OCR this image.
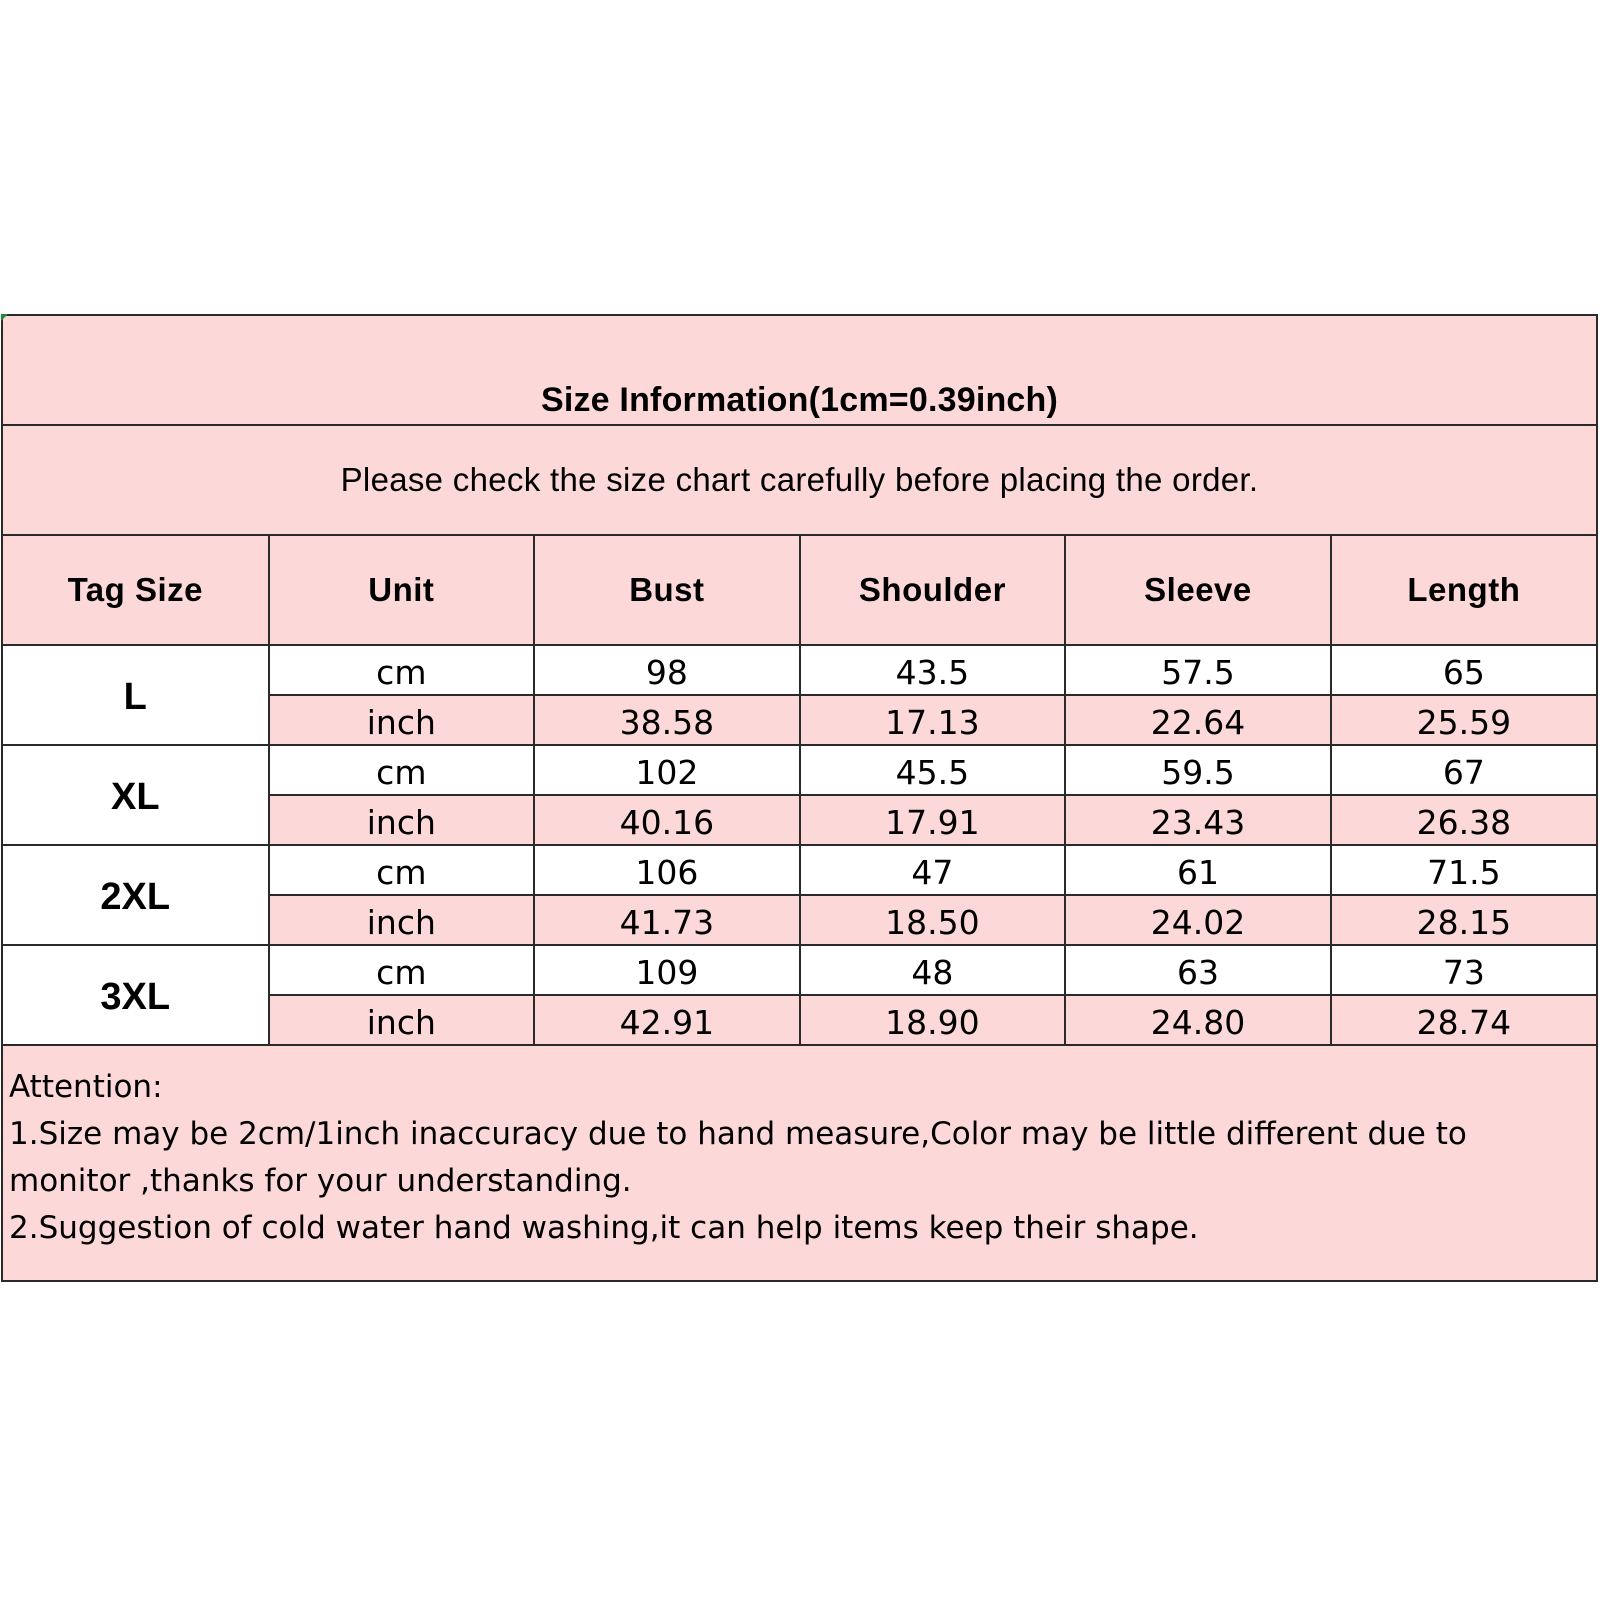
Size Information(1cm=0.39inch)
Please check the size chart carefully before placing the order.
Tag Size	Unit	Bust	Shoulder	Sleeve	Length
L	cm	98	43.5	57.5	65
	inch	38.58	17.13	22.64	25.59
XL	cm	102	45.5	59.5	67
	inch	40.16	17.91	23.43	26.38
2XL	cm	106	47	61	71.5
	inch	41.73	18.50	24.02	28.15
3XL	cm	109	48	63	73
	inch	42.91	18.90	24.80	28.74
Attention:
1.Size may be 2cm/1inch inaccuracy due to hand measure,Color may be little different due to monitor ,thanks for your understanding.
2.Suggestion of cold water hand washing,it can help items keep their shape.
